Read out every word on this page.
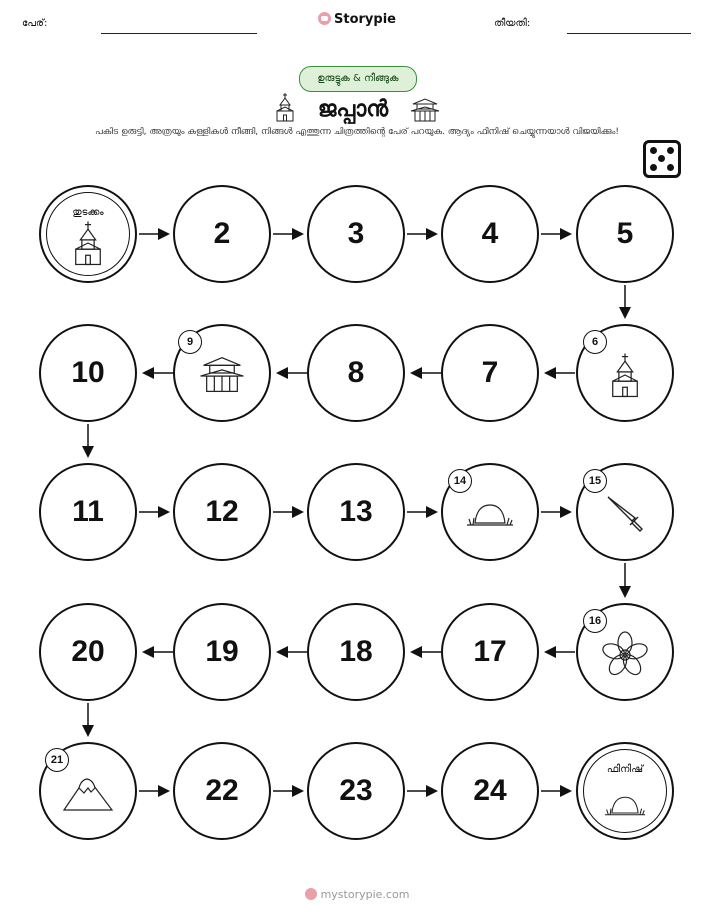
പേര്:	Storypie	തീയതി:
ഉരുട്ടുക & നീങ്ങുക
ജപ്പാൻ
പകിട ഉരുട്ടി, അത്രയും കള്ളികൾ നീങ്ങി, നിങ്ങൾ എത്തുന്ന ചിത്രത്തിന്റെ പേര് പറയുക. ആദ്യം ഫിനിഷ് ചെയ്യുന്നയാൾ വിജയിക്കും!
തുടക്കം
2	3	4	5
10
9
8	7
6
11	12	13
14	15
20	19	18	17
16
21
22	23	24
ഫിനിഷ്
mystorypie.com
